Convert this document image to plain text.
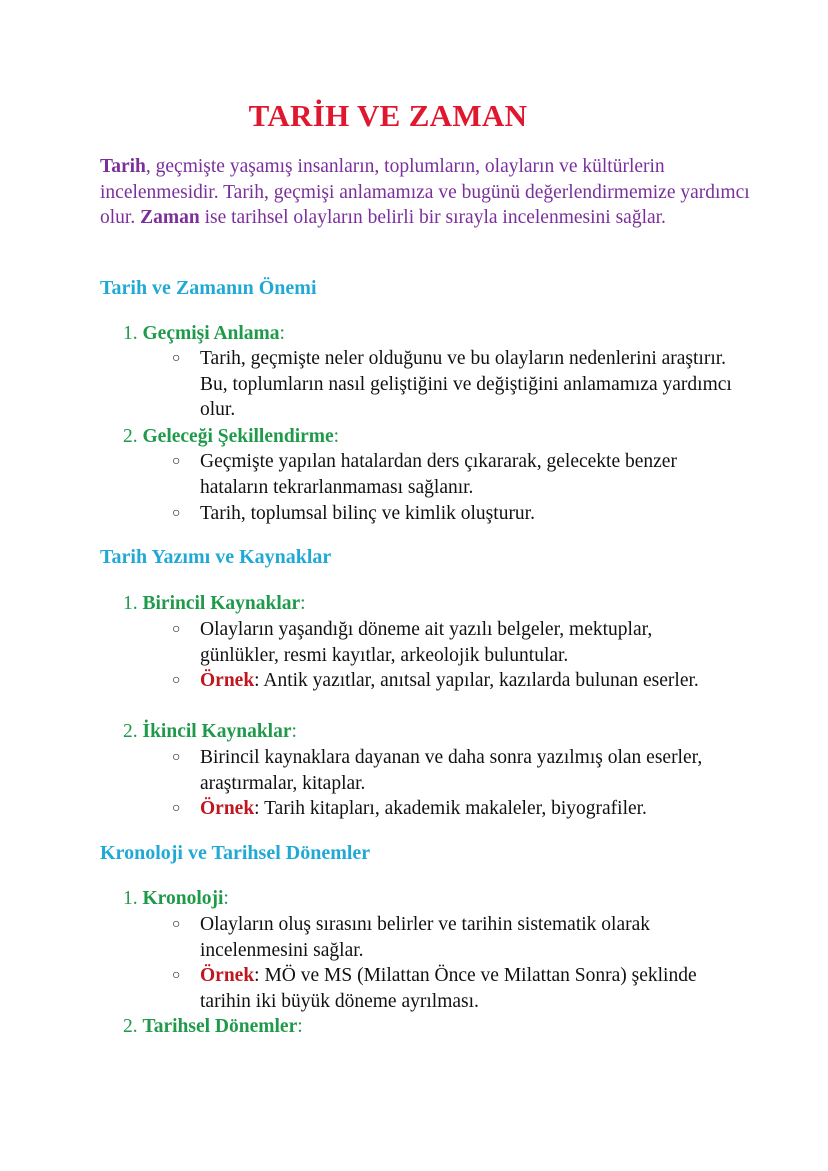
TARİH VE ZAMAN

Tarih, geçmişte yaşamış insanların, toplumların, olayların ve kültürlerin incelenmesidir. Tarih, geçmişi anlamamıza ve bugünü değerlendirmemize yardımcı olur. Zaman ise tarihsel olayların belirli bir sırayla incelenmesini sağlar.

Tarih ve Zamanın Önemi
1. Geçmişi Anlama:
○ Tarih, geçmişte neler olduğunu ve bu olayların nedenlerini araştırır. Bu, toplumların nasıl geliştiğini ve değiştiğini anlamamıza yardımcı olur.
2. Geleceği Şekillendirme:
○ Geçmişte yapılan hatalardan ders çıkararak, gelecekte benzer hataların tekrarlanmaması sağlanır.
○ Tarih, toplumsal bilinç ve kimlik oluşturur.
Tarih Yazımı ve Kaynaklar
1. Birincil Kaynaklar:
○ Olayların yaşandığı döneme ait yazılı belgeler, mektuplar, günlükler, resmi kayıtlar, arkeolojik buluntular.
○ Örnek: Antik yazıtlar, anıtsal yapılar, kazılarda bulunan eserler.
2. İkincil Kaynaklar:
○ Birincil kaynaklara dayanan ve daha sonra yazılmış olan eserler, araştırmalar, kitaplar.
○ Örnek: Tarih kitapları, akademik makaleler, biyografiler.
Kronoloji ve Tarihsel Dönemler
1. Kronoloji:
○ Olayların oluş sırasını belirler ve tarihin sistematik olarak incelenmesini sağlar.
○ Örnek: MÖ ve MS (Milattan Önce ve Milattan Sonra) şeklinde tarihin iki büyük döneme ayrılması.
2. Tarihsel Dönemler:
